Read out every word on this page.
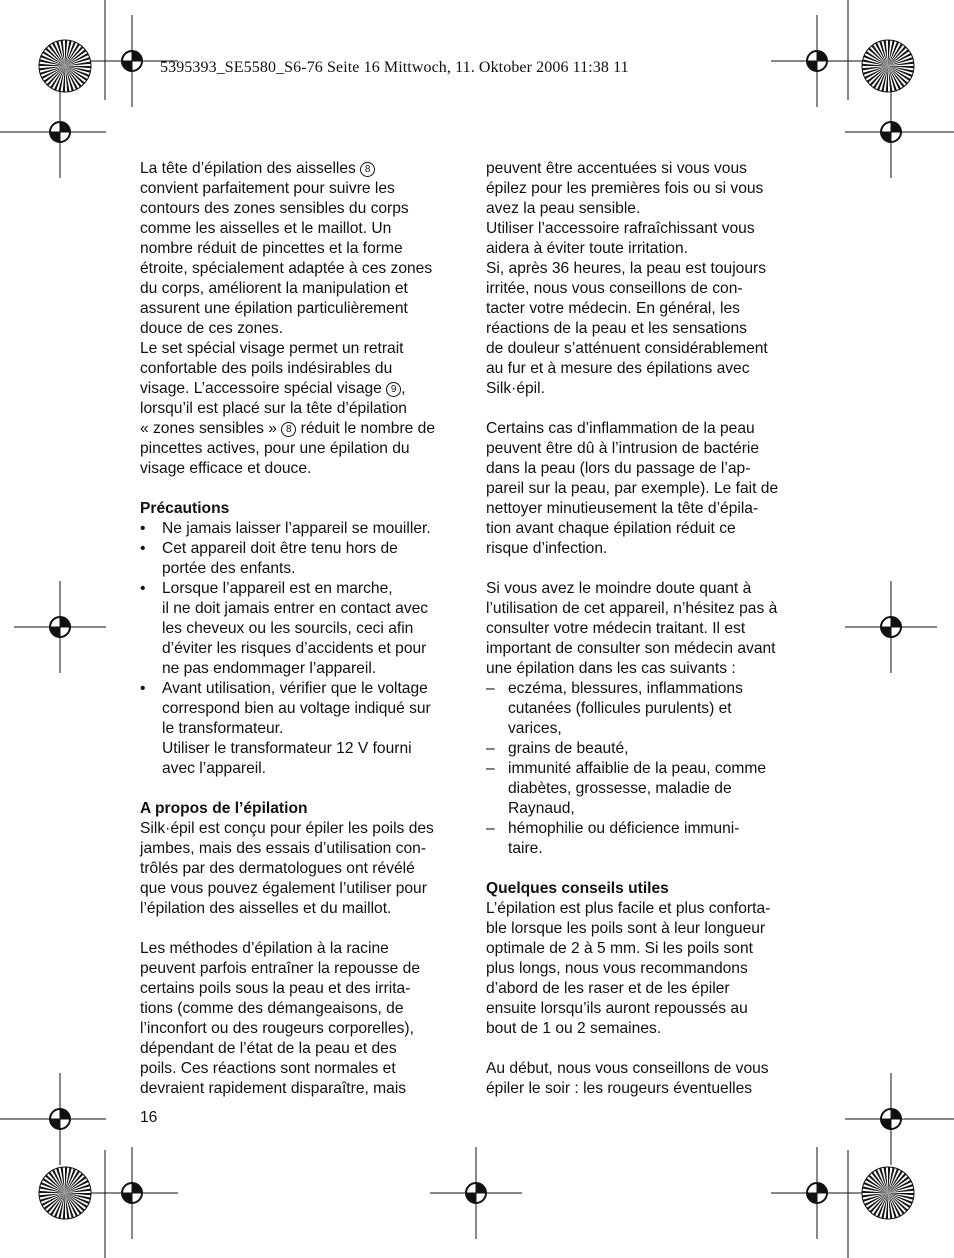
5395393_SE5580_S6-76 Seite 16 Mittwoch, 11. Oktober 2006 11:38 11

La tête d’épilation des aisselles 8

convient parfaitement pour suivre les

contours des zones sensibles du corps

comme les aisselles et le maillot. Un

nombre réduit de pincettes et la forme

étroite, spécialement adaptée à ces zones

du corps, améliorent la manipulation et

assurent une épilation particulièrement

douce de ces zones.

Le set spécial visage permet un retrait

confortable des poils indésirables du

visage. L’accessoire spécial visage 9 ,

lorsqu’il est placé sur la tête d’épilation

« zones sensibles » 8 réduit le nombre de

pincettes actives, pour une épilation du

visage efficace et douce.

Précautions

•	Ne jamais laisser l’appareil se mouiller.
•	Cet appareil doit être tenu hors de
portée des enfants.
•	Lorsque l’appareil est en marche,
il ne doit jamais entrer en contact avec
les cheveux ou les sourcils, ceci afin
d’éviter les risques d’accidents et pour
ne pas endommager l’appareil.
•	Avant utilisation, vérifier que le voltage
correspond bien au voltage indiqué sur
le transformateur.
Utiliser le transformateur 12 V fourni
avec l’appareil.

A propos de l’épilation

Silk·épil est conçu pour épiler les poils des

jambes, mais des essais d’utilisation con-

trôlés par des dermatologues ont révélé

que vous pouvez également l’utiliser pour

l’épilation des aisselles et du maillot.

Les méthodes d’épilation à la racine

peuvent parfois entraîner la repousse de

certains poils sous la peau et des irrita-

tions (comme des démangeaisons, de

l’inconfort ou des rougeurs corporelles),

dépendant de l’état de la peau et des

poils. Ces réactions sont normales et

devraient rapidement disparaître, mais

peuvent être accentuées si vous vous

épilez pour les premières fois ou si vous

avez la peau sensible.

Utiliser l’accessoire rafraîchissant vous

aidera à éviter toute irritation.

Si, après 36 heures, la peau est toujours

irritée, nous vous conseillons de con-

tacter votre médecin. En général, les

réactions de la peau et les sensations

de douleur s’atténuent considérablement

au fur et à mesure des épilations avec

Silk·épil.

Certains cas d’inflammation de la peau

peuvent être dû à l’intrusion de bactérie

dans la peau (lors du passage de l’ap-

pareil sur la peau, par exemple). Le fait de

nettoyer minutieusement la tête d’épila-

tion avant chaque épilation réduit ce

risque d’infection.

Si vous avez le moindre doute quant à

l’utilisation de cet appareil, n’hésitez pas à

consulter votre médecin traitant. Il est

important de consulter son médecin avant

une épilation dans les cas suivants :

– eczéma, blessures, inflammations
cutanées (follicules purulents) et
varices,
– grains de beauté,
– immunité affaiblie de la peau, comme
diabètes, grossesse, maladie de
Raynaud,
– hémophilie ou déficience immuni-
taire.

Quelques conseils utiles

L’épilation est plus facile et plus conforta-

ble lorsque les poils sont à leur longueur

optimale de 2 à 5 mm. Si les poils sont

plus longs, nous vous recommandons

d’abord de les raser et de les épiler

ensuite lorsqu’ils auront repoussés au

bout de 1 ou 2 semaines.

Au début, nous vous conseillons de vous

épiler le soir : les rougeurs éventuelles

16
